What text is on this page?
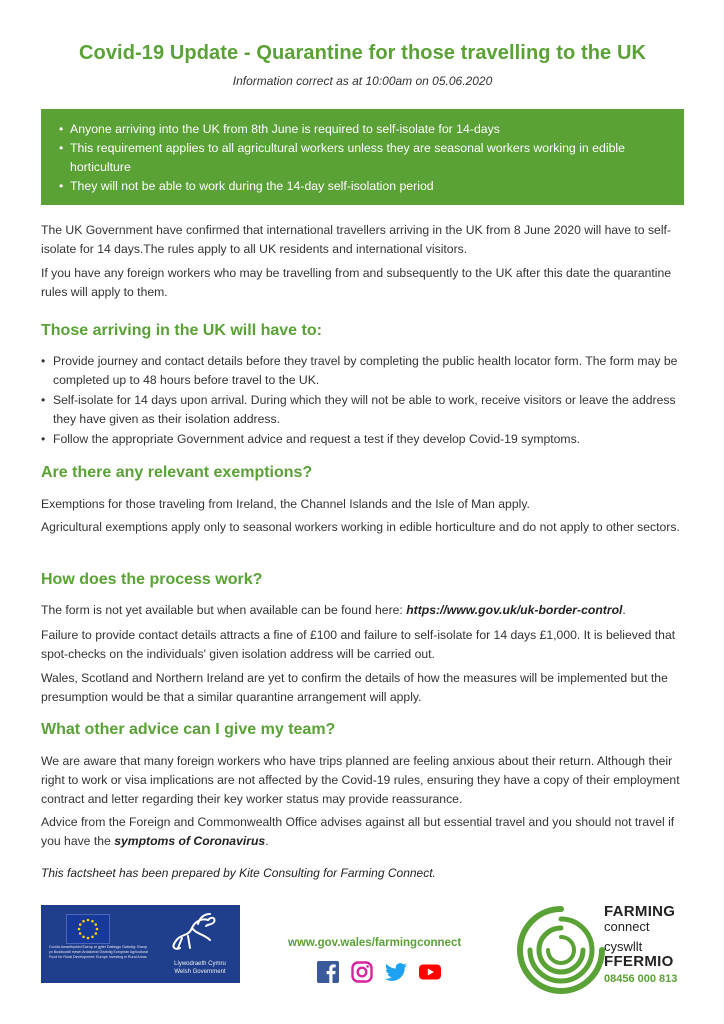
Covid-19 Update - Quarantine for those travelling to the UK
Information correct as at 10:00am on 05.06.2020
• Anyone arriving into the UK from 8th June is required to self-isolate for 14-days
• This requirement applies to all agricultural workers unless they are seasonal workers working in edible horticulture
• They will not be able to work during the 14-day self-isolation period
The UK Government have confirmed that international travellers arriving in the UK from 8 June 2020 will have to self-isolate for 14 days.The rules apply to all UK residents and international visitors.
If you have any foreign workers who may be travelling from and subsequently to the UK after this date the quarantine rules will apply to them.
Those arriving in the UK will have to:
• Provide journey and contact details before they travel by completing the public health locator form. The form may be completed up to 48 hours before travel to the UK.
• Self-isolate for 14 days upon arrival. During which they will not be able to work, receive visitors or leave the address they have given as their isolation address.
• Follow the appropriate Government advice and request a test if they develop Covid-19 symptoms.
Are there any relevant exemptions?
Exemptions for those traveling from Ireland, the Channel Islands and the Isle of Man apply.
Agricultural exemptions apply only to seasonal workers working in edible horticulture and do not apply to other sectors.
How does the process work?
The form is not yet available but when available can be found here: https://www.gov.uk/uk-border-control.
Failure to provide contact details attracts a fine of £100 and failure to self-isolate for 14 days £1,000. It is believed that spot-checks on the individuals' given isolation address will be carried out.
Wales, Scotland and Northern Ireland are yet to confirm the details of how the measures will be implemented but the presumption would be that a similar quarantine arrangement will apply.
What other advice can I give my team?
We are aware that many foreign workers who have trips planned are feeling anxious about their return. Although their right to work or visa implications are not affected by the Covid-19 rules, ensuring they have a copy of their employment contract and letter regarding their key worker status may provide reassurance.
Advice from the Foreign and Commonwealth Office advises against all but essential travel and you should not travel if you have the symptoms of Coronavirus.
This factsheet has been prepared by Kite Consulting for Farming Connect.
Cronfa Amaethyddol Ewrop ar gyfer Datblygu Gwledig: Ewrop yn Buddsoddi mewn Ardaloedd Gwledig European Agricultural Fund for Rural Development: Europe Investing in Rural Areas
Llywodraeth Cymru
Welsh Government
www.gov.wales/farmingconnect
FARMING
connect
cyswllt
FFERMIO
08456 000 813
